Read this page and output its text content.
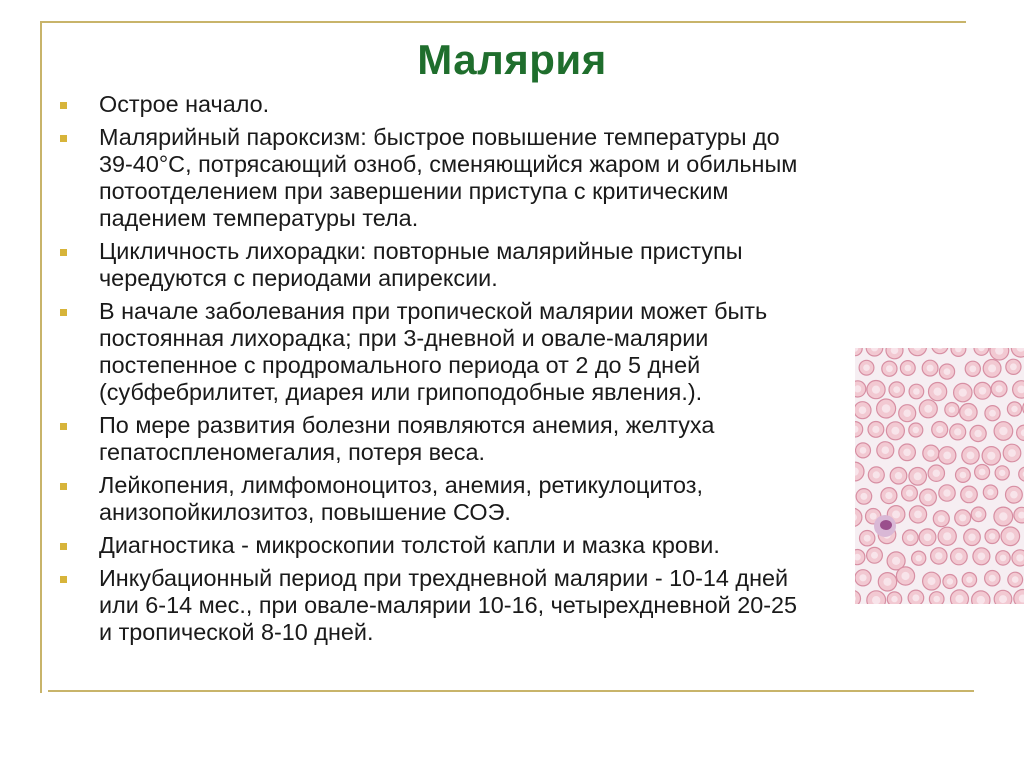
Малярия
Острое начало.
Малярийный пароксизм: быстрое повышение температуры до
39-40°С, потрясающий озноб, сменяющийся жаром и обильным
потоотделением при завершении приступа с критическим
падением температуры тела.
Цикличность лихорадки: повторные малярийные приступы
чередуются с периодами апирексии.
В начале заболевания при тропической малярии может быть
постоянная лихорадка; при 3-дневной и овале-малярии
постепенное с продромального периода от 2 до 5 дней
(субфебрилитет, диарея или грипоподобные явления.).
По мере развития болезни появляются анемия, желтуха
гепатоспленомегалия, потеря веса.
Лейкопения, лимфомоноцитоз, анемия, ретикулоцитоз,
анизопойкилозитоз, повышение СОЭ.
Диагностика - микроскопии толстой капли и мазка крови.
Инкубационный период при трехдневной малярии - 10-14 дней
или 6-14 мес., при овале-малярии 10-16, четырехдневной 20-25
и тропической 8-10 дней.
